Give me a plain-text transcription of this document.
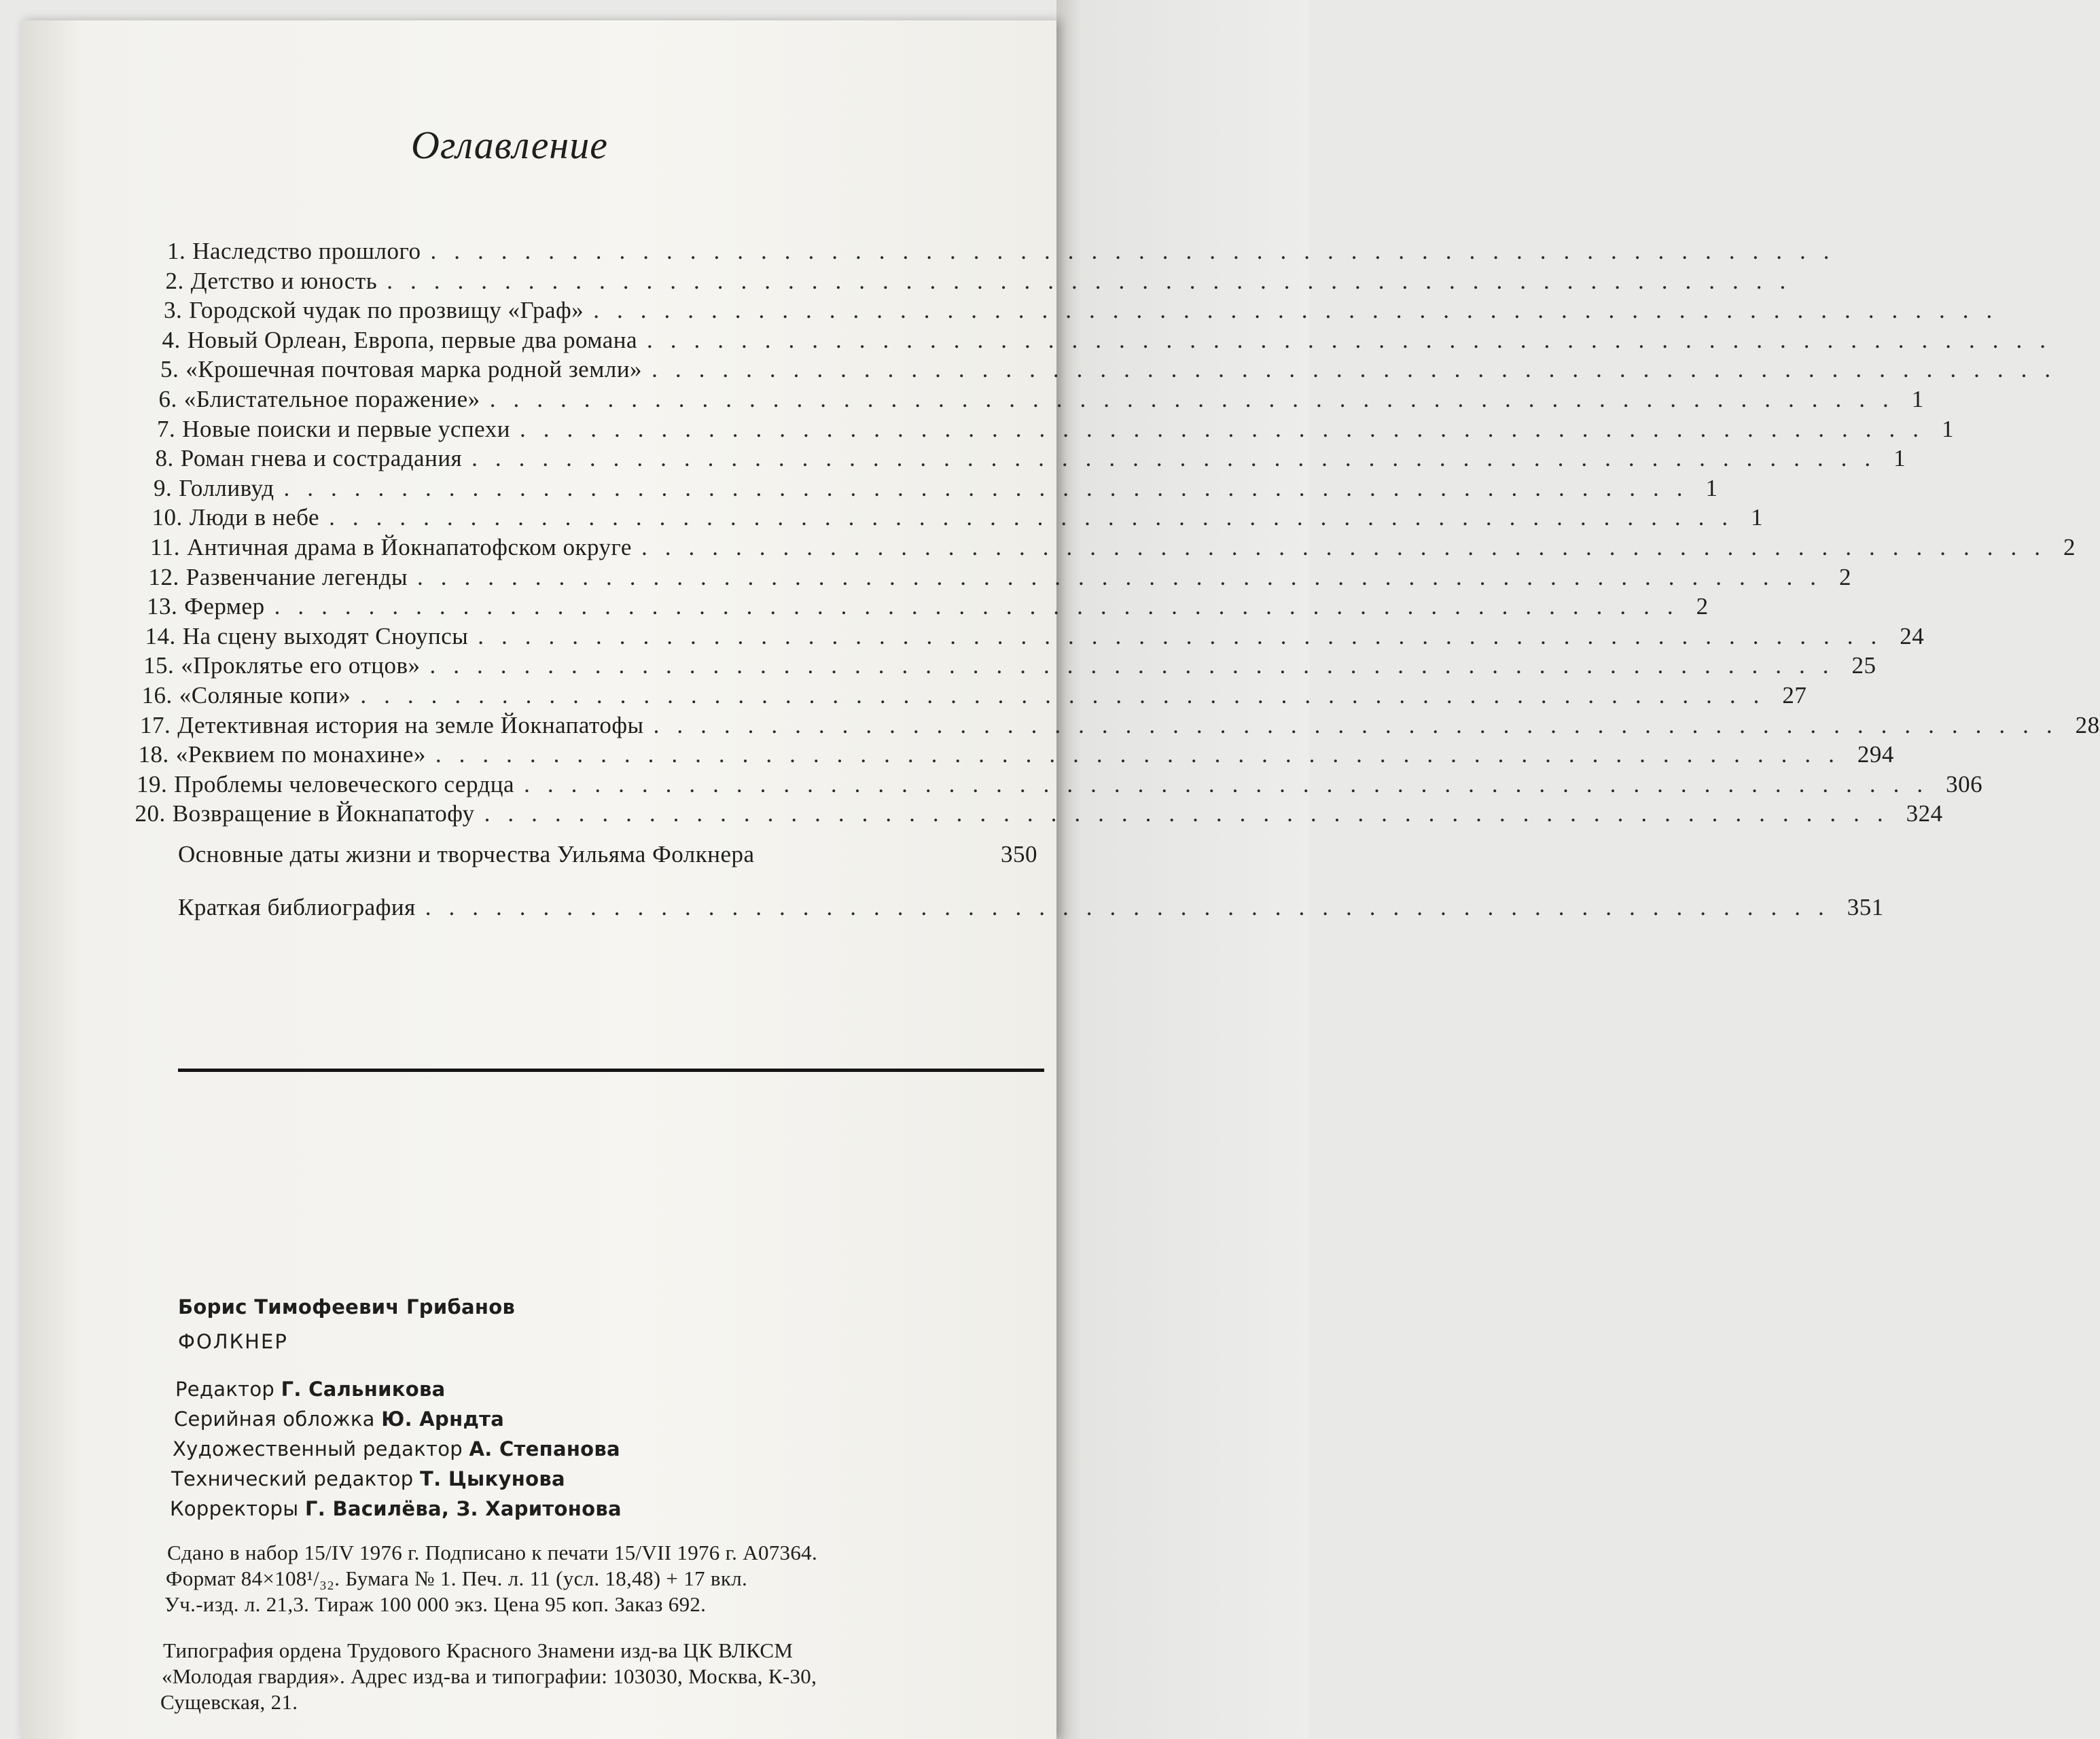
Оглавление
1. Наследство прошлого ............................................................
2. Детство и юность ............................................................
3. Городской чудак по прозвищу «Граф» ............................................................
4. Новый Орлеан, Европа, первые два романа ............................................................
5. «Крошечная почтовая марка родной земли» ............................................................
6. «Блистательное поражение» ............................................................ 1
7. Новые поиски и первые успехи ............................................................ 1
8. Роман гнева и сострадания ............................................................ 1
9. Голливуд ............................................................ 1
10. Люди в небе ............................................................ 1
11. Античная драма в Йокнапатофском округе ............................................................ 2
12. Развенчание легенды ............................................................ 2
13. Фермер ............................................................ 2
14. На сцену выходят Сноупсы ............................................................ 24
15. «Проклятье его отцов» ............................................................ 25
16. «Соляные копи» ............................................................ 27
17. Детективная история на земле Йокнапатофы ............................................................ 28
18. «Реквием по монахине» ............................................................ 294
19. Проблемы человеческого сердца ............................................................ 306
20. Возвращение в Йокнапатофу ............................................................ 324
Основные даты жизни и творчества Уильяма Фолкнера	350
Краткая библиография ............................................................ 351
Борис Тимофеевич Грибанов
ФОЛКНЕР
Редактор Г. Сальникова
Серийная обложка Ю. Арндта
Художественный редактор А. Степанова
Технический редактор Т. Цыкунова
Корректоры Г. Василёва, З. Харитонова
Сдано в набор 15/IV 1976 г. Подписано к печати 15/VII 1976 г. А07364.
Формат 84×108¹/₃₂. Бумага № 1. Печ. л. 11 (усл. 18,48) + 17 вкл.
Уч.-изд. л. 21,3. Тираж 100 000 экз. Цена 95 коп. Заказ 692.
Типография ордена Трудового Красного Знамени изд-ва ЦК ВЛКСМ
«Молодая гвардия». Адрес изд-ва и типографии: 103030, Москва, К-30,
Сущевская, 21.
